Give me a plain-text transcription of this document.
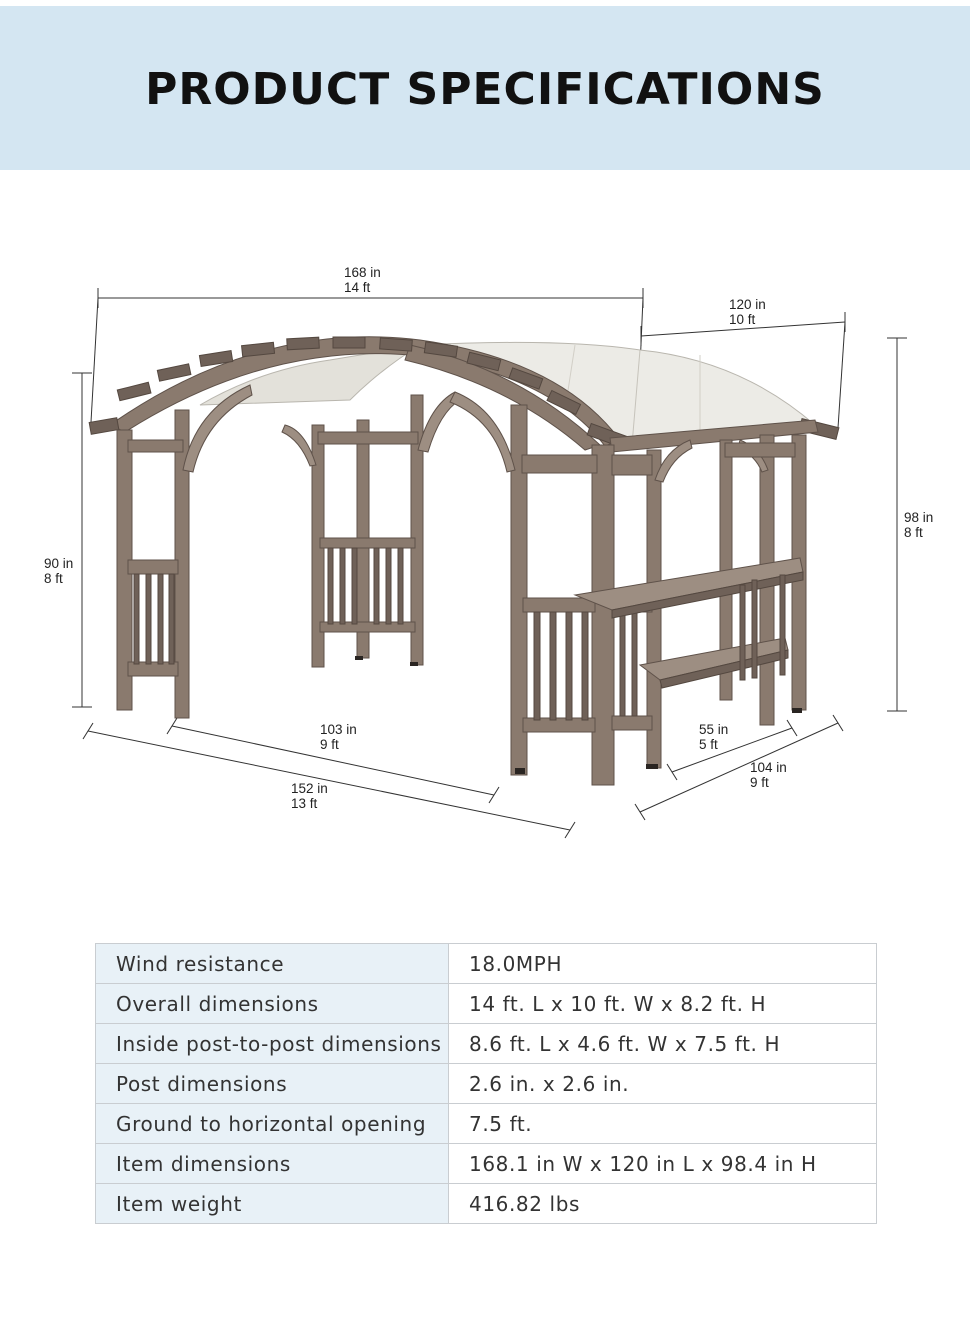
PRODUCT SPECIFICATIONS
168 in
14 ft
120 in
10 ft
98 in
8 ft
90 in
8 ft
103 in
9 ft
152 in
13 ft
55 in
5 ft
104 in
9 ft
Wind resistance	18.0MPH
Overall dimensions	14 ft. L x 10 ft. W x 8.2 ft. H
Inside post-to-post dimensions	8.6 ft. L x 4.6 ft. W x 7.5 ft. H
Post dimensions	2.6 in. x 2.6 in.
Ground to horizontal opening	7.5 ft.
Item dimensions	168.1 in W x 120 in L x 98.4 in H
Item weight	416.82 lbs
